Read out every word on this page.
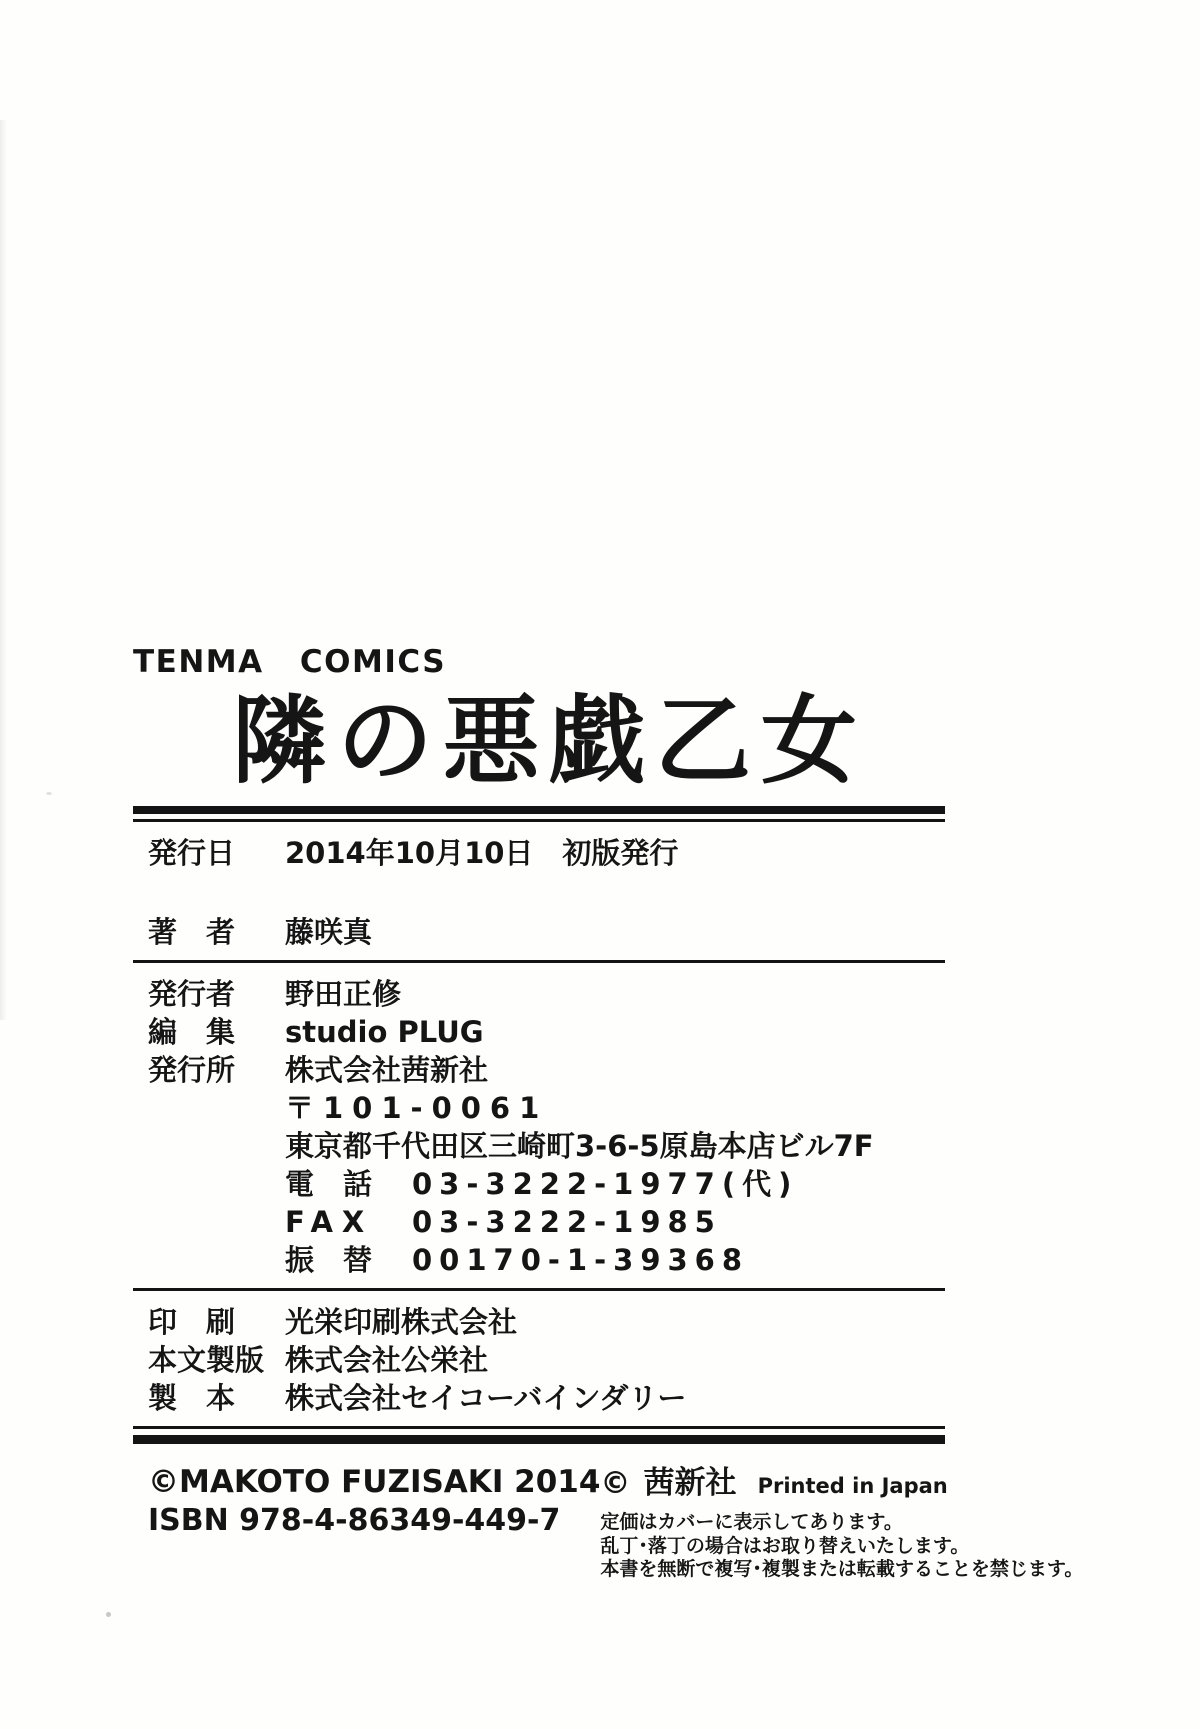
TENMA COMICS
隣の悪戯乙女
発行日	2014年10月10日　初版発行
著　者	藤咲真
発行者	野田正修
編　集	studio PLUG
発行所	株式会社茜新社
〒101-0061
東京都千代田区三崎町3-6-5原島本店ビル7F
電　話	03-3222-1977(代)
FAX	03-3222-1985
振　替	00170-1-39368
印　刷	光栄印刷株式会社
本文製版 株式会社公栄社
製　本	株式会社セイコーバインダリー
©MAKOTO FUZISAKI 2014
ISBN 978-4-86349-449-7
© 茜新社 Printed in Japan
定価はカバーに表示してあります。
乱丁･落丁の場合はお取り替えいたします。
本書を無断で複写･複製または転載することを禁じます。
